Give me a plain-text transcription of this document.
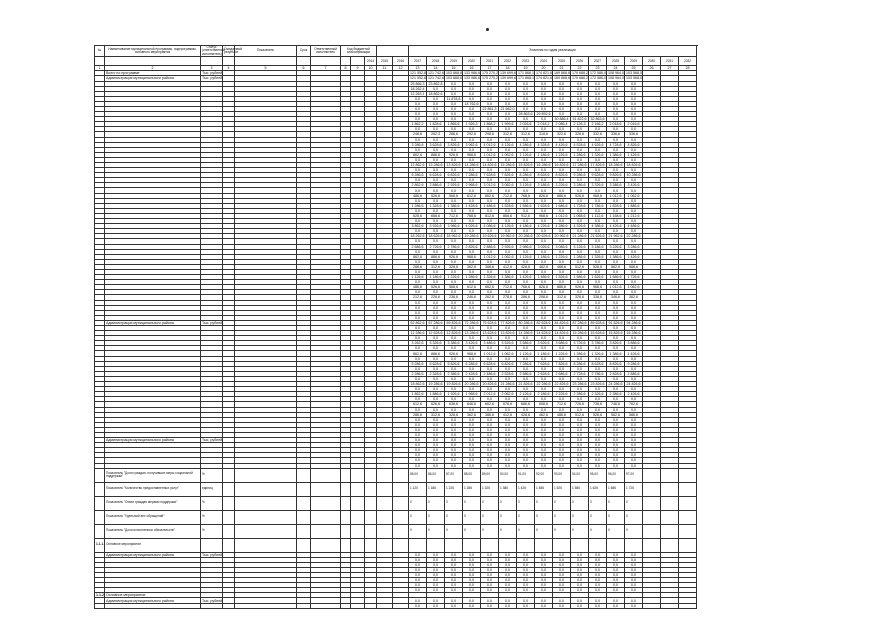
№	Наименование муниципальной программы, подпрограммы, основного мероприятия	Статус (ответственный исполнитель)	Ожидаемый результат	Показатель	Срок	Ответственный исполнитель	Код бюджетной классификации					Значения по годам реализации															
									2014	2015	2016	2017	2018	2019	2020	2021	2022	2023	2024	2025	2026	2027	2028	2029	2030	2031	2032
1	2	3	4	5	6	7	8	9	10	11	12	13	14	15	16	17	18	19	20	21	22	23	24	25	26	27	28
	Всего по программе	Тыс. рублей										121 552,8	121 742,6	103 868,6	133 986,6	175 270,2	139 699,6	171 868,1	174 821,6	169 868,6	179 688,2	172 586,0	108 964,0	103 568,0			
	Администрация муниципального района	Тыс. рублей										121 552,8	121 742,6	103 868,6	133 986,6	175 270,2	139 699,6	171 868,1	174 821,6	169 868,6	179 688,2	172 586,0	108 964,0	103 568,0			
												25 866,3	23 862,8	0,0	0,0	0,0	0,0	0,0	0,0	0,0	0,0	0,0	0,0	0,0			
												18 262,4	0,0	0,0	0,0	0,0	0,0	0,0	0,0	0,0	0,0	0,0	0,0	0,0			
												12 263,1	18 862,6	0,0	0,0	0,0	0,0	0,0	0,0	0,0	0,0	0,0	0,0	0,0			
												0,0	0,0	11 878,8	0,0	0,0	0,0	0,0	0,0	0,0	0,0	0,0	0,0	0,0			
												0,0	0,0	0,0	18 762,6	0,0	0,0	0,0	0,0	0,0	0,0	0,0	0,0	0,0			
												0,0	0,0	0,0	0,0	22 861,3	21 662,0	0,0	0,0	0,0	0,0	0,0	0,0	0,0			
												0,0	0,0	0,0	0,0	0,0	0,0	28 863,6	29 892,6	0,0	0,0	0,0	0,0	0,0			
												0,0	0,0	0,0	0,0	0,0	0,0	0,0	0,0	30 886,4	31 822,6	32 863,6	0,0	0,0			
												1 862,2	1 828,6	1 865,6	1 926,3	1 868,2	1 999,6	2 026,6	2 018,2	2 086,4	2 126,3	2 166,2	2 018,6	2 016,6			
												0,0	0,0	0,0	0,0	0,0	0,0	0,0	0,0	0,0	0,0	0,0	0,0	0,0			
												248,6	262,3	286,6	292,6	298,6	312,6	312,6	318,6	322,6	328,6	332,6	336,6	336,6			
												0,0	0,0	0,0	0,0	0,0	0,0	0,0	0,0	0,0	0,0	0,0	0,0	0,0			
												3 286,8	3 628,6	3 826,6	3 962,6	4 012,6	4 126,6	4 286,6	4 328,6	4 426,6	4 528,6	4 626,6	4 728,6	4 826,6			
												0,0	0,0	0,0	0,0	0,0	0,0	0,0	0,0	0,0	0,0	0,0	0,0	0,0			
												862,6	886,6	926,6	968,6	1 012,6	1 062,6	1 126,6	1 186,6	1 226,6	1 286,6	1 326,6	1 386,6	1 426,6			
												0,0	0,0	0,0	0,0	0,0	0,0	0,0	0,0	0,0	0,0	0,0	0,0	0,0			
												12 862,6	13 286,6	13 826,6	14 286,6	14 826,6	15 286,6	15 826,6	16 286,6	16 826,6	17 286,6	17 826,6	18 286,6	18 826,6			
												0,0	0,0	0,0	0,0	0,0	0,0	0,0	0,0	0,0	0,0	0,0	0,0	0,0			
												6 286,6	6 628,6	6 826,6	7 286,6	7 628,6	7 826,6	8 286,6	8 628,6	8 826,6	9 286,6	9 628,6	9 826,6	10 286,6			
												0,0	0,0	0,0	0,0	0,0	0,0	0,0	0,0	0,0	0,0	0,0	0,0	0,0			
												2 862,6	2 886,6	2 926,6	2 968,6	3 012,6	3 062,6	3 126,6	3 186,6	3 226,6	3 286,6	3 326,6	3 386,6	3 426,6			
												0,0	0,0	0,0	0,0	0,0	0,0	0,0	0,0	0,0	0,0	0,0	0,0	0,0			
												486,6	526,6	568,6	612,6	662,6	712,6	768,6	826,6	886,6	926,6	968,6	1 012,6	1 062,6			
												0,0	0,0	0,0	0,0	0,0	0,0	0,0	0,0	0,0	0,0	0,0	0,0	0,0			
												1 286,6	1 328,6	1 386,6	1 428,6	1 486,6	1 528,6	1 586,6	1 628,6	1 686,6	1 728,6	1 786,6	1 828,6	1 886,6			
												0,0	0,0	0,0	0,0	0,0	0,0	0,0	0,0	0,0	0,0	0,0	0,0	0,0			
												628,6	668,6	712,6	768,6	812,6	868,6	912,6	968,6	1 012,6	1 068,6	1 112,6	1 168,6	1 212,6			
												0,0	0,0	0,0	0,0	0,0	0,0	0,0	0,0	0,0	0,0	0,0	0,0	0,0			
												3 862,6	3 926,6	3 986,6	4 026,6	4 086,6	4 126,6	4 186,6	4 226,6	4 286,6	4 326,6	4 386,6	4 426,6	4 486,6			
												0,0	0,0	0,0	0,0	0,0	0,0	0,0	0,0	0,0	0,0	0,0	0,0	0,0			
												18 262,6	18 626,6	18 962,6	19 286,6	19 626,6	19 962,6	20 286,6	20 626,6	20 962,6	21 286,6	21 626,6	21 962,6	22 286,6			
												0,0	0,0	0,0	0,0	0,0	0,0	0,0	0,0	0,0	0,0	0,0	0,0	0,0			
												2 686,6	2 726,6	2 786,6	2 826,6	2 886,6	2 926,6	2 986,6	3 026,6	3 086,6	3 126,6	3 186,6	3 226,6	3 286,6			
												0,0	0,0	0,0	0,0	0,0	0,0	0,0	0,0	0,0	0,0	0,0	0,0	0,0			
												862,6	886,6	926,6	968,6	1 012,6	1 062,6	1 126,6	1 186,6	1 226,6	1 286,6	1 326,6	1 386,6	1 426,6			
												0,0	0,0	0,0	0,0	0,0	0,0	0,0	0,0	0,0	0,0	0,0	0,0	0,0			
												286,6	312,6	328,6	362,6	386,6	412,6	428,6	462,6	486,6	512,6	528,6	562,6	586,6			
												0,0	0,0	0,0	0,0	0,0	0,0	0,0	0,0	0,0	0,0	0,0	0,0	0,0			
												1 126,6	1 186,6	1 226,6	1 286,6	1 326,6	1 386,6	1 426,6	1 486,6	1 526,6	1 586,6	1 626,6	1 686,6	1 726,6			
												0,0	0,0	0,0	0,0	0,0	0,0	0,0	0,0	0,0	0,0	0,0	0,0	0,0			
												486,6	526,6	568,6	612,6	662,6	712,6	768,6	826,6	886,6	926,6	968,6	1 012,6	1 062,6			
												0,0	0,0	0,0	0,0	0,0	0,0	0,0	0,0	0,0	0,0	0,0	0,0	0,0			
												212,6	226,6	238,6	246,6	262,6	278,6	286,6	298,6	312,6	326,6	338,6	346,6	362,6			
												0,0	0,0	0,0	0,0	0,0	0,0	0,0	0,0	0,0	0,0	0,0	0,0	0,0			
												0,0	0,0	0,0	0,0	0,0	0,0	0,0	0,0	0,0	0,0	0,0	0,0	0,0			
												0,0	0,0	0,0	0,0	0,0	0,0	0,0	0,0	0,0	0,0	0,0	0,0	0,0			
												0,0	0,0	0,0	0,0	0,0	0,0	0,0	0,0	0,0	0,0	0,0	0,0	0,0			
	Администрация муниципального района	Тыс. рублей										62 862,6	67 286,6	69 826,6	72 286,6	75 628,6	77 826,6	80 286,6	82 628,6	84 826,6	87 286,6	89 628,6	91 826,6	94 286,6			
												0,0	0,0	0,0	0,0	0,0	0,0	0,0	0,0	0,0	0,0	0,0	0,0	0,0			
												12 286,6	12 628,6	12 826,6	13 286,6	13 628,6	13 826,6	14 286,6	14 628,6	14 826,6	15 286,6	15 628,6	15 826,6	16 286,6			
												0,0	0,0	0,0	0,0	0,0	0,0	0,0	0,0	0,0	0,0	0,0	0,0	0,0			
												3 262,6	3 326,6	3 386,6	3 426,6	3 486,6	3 526,6	3 586,6	3 626,6	3 686,6	3 726,6	3 786,6	3 826,6	3 886,6			
												0,0	0,0	0,0	0,0	0,0	0,0	0,0	0,0	0,0	0,0	0,0	0,0	0,0			
												862,6	886,6	926,6	968,6	1 012,6	1 062,6	1 126,6	1 186,6	1 226,6	1 286,6	1 326,6	1 386,6	1 426,6			
												0,0	0,0	0,0	0,0	0,0	0,0	0,0	0,0	0,0	0,0	0,0	0,0	0,0			
												5 286,6	5 628,6	5 826,6	6 286,6	6 628,6	6 826,6	7 286,6	7 628,6	7 826,6	8 286,6	8 628,6	8 826,6	9 286,6			
												0,0	0,0	0,0	0,0	0,0	0,0	0,0	0,0	0,0	0,0	0,0	0,0	0,0			
												2 286,6	2 328,6	2 386,6	2 428,6	2 486,6	2 528,6	2 586,6	2 628,6	2 686,6	2 728,6	2 786,6	2 828,6	2 886,6			
												0,0	0,0	0,0	0,0	0,0	0,0	0,0	0,0	0,0	0,0	0,0	0,0	0,0			
												18 862,6	19 286,6	19 826,6	20 286,6	20 826,6	21 286,6	21 826,6	22 286,6	22 826,6	23 286,6	23 826,6	24 286,6	24 826,6			
												0,0	0,0	0,0	0,0	0,0	0,0	0,0	0,0	0,0	0,0	0,0	0,0	0,0			
												1 862,6	1 886,6	1 926,6	1 968,6	2 012,6	2 062,6	2 126,6	2 186,6	2 226,6	2 286,6	2 326,6	2 386,6	2 426,6			
												0,0	0,0	0,0	0,0	0,0	0,0	0,0	0,0	0,0	0,0	0,0	0,0	0,0			
												612,6	626,6	638,6	646,6	662,6	678,6	686,6	698,6	712,6	726,6	738,6	746,6	762,6			
												0,0	0,0	0,0	0,0	0,0	0,0	0,0	0,0	0,0	0,0	0,0	0,0	0,0			
												286,6	312,6	328,6	362,6	386,6	412,6	428,6	462,6	486,6	512,6	528,6	562,6	586,6			
												0,0	0,0	0,0	0,0	0,0	0,0	0,0	0,0	0,0	0,0	0,0	0,0	0,0			
												0,0	0,0	0,0	0,0	0,0	0,0	0,0	0,0	0,0	0,0	0,0	0,0	0,0			
												0,0	0,0	0,0	0,0	0,0	0,0	0,0	0,0	0,0	0,0	0,0	0,0	0,0			
												0,0	0,0	0,0	0,0	0,0	0,0	0,0	0,0	0,0	0,0	0,0	0,0	0,0			
	Администрация муниципального района	Тыс. рублей										0,0	0,0	0,0	0,0	0,0	0,0	0,0	0,0	0,0	0,0	0,0	0,0	0,0			
												0,0	0,0	0,0	0,0	0,0	0,0	0,0	0,0	0,0	0,0	0,0	0,0	0,0			
												0,0	0,0	0,0	0,0	0,0	0,0	0,0	0,0	0,0	0,0	0,0	0,0	0,0			
												0,0	0,0	0,0	0,0	0,0	0,0	0,0	0,0	0,0	0,0	0,0	0,0	0,0			
												0,0	0,0	0,0	0,0	0,0	0,0	0,0	0,0	0,0	0,0	0,0	0,0	0,0			
												0,0	0,0	0,0	0,0	0,0	0,0	0,0	0,0	0,0	0,0	0,0	0,0	0,0			
	Показатель "Доля граждан, получивших меры социальной поддержки"	%										85,00	86,00	87,00	88,00	89,00	90,00	91,00	92,00	93,00	94,00	95,00	96,00	97,00			
	Показатель "Количество предоставленных услуг"	единиц										1 120	1 186	1 226	1 286	1 326	1 386	1 426	1 486	1 526	1 586	1 626	1 686	1 726			
	Показатель "Охват граждан мерами поддержки"	%										0	0	0	0	0	0	0	0	0	0	0	0	0			
	Показатель "Удельный вес обращений"	%										0	0	0	0	0	0	0	0	0	0	0	0	0			
	Показатель "Доля исполненных обязательств"	%										0	0	0	0	0	0	0	0	0	0	0	0	0			
1.1.1.	Основное мероприятие																										
	Администрация муниципального района	Тыс. рублей										0,0	0,0	0,0	0,0	0,0	0,0	0,0	0,0	0,0	0,0	0,0	0,0	0,0			
												0,0	0,0	0,0	0,0	0,0	0,0	0,0	0,0	0,0	0,0	0,0	0,0	0,0			
												0,0	0,0	0,0	0,0	0,0	0,0	0,0	0,0	0,0	0,0	0,0	0,0	0,0			
												0,0	0,0	0,0	0,0	0,0	0,0	0,0	0,0	0,0	0,0	0,0	0,0	0,0			
												0,0	0,0	0,0	0,0	0,0	0,0	0,0	0,0	0,0	0,0	0,0	0,0	0,0			
												0,0	0,0	0,0	0,0	0,0	0,0	0,0	0,0	0,0	0,0	0,0	0,0	0,0			
												0,0	0,0	0,0	0,0	0,0	0,0	0,0	0,0	0,0	0,0	0,0	0,0	0,0			
												0,0	0,0	0,0	0,0	0,0	0,0	0,0	0,0	0,0	0,0	0,0	0,0	0,0			
1.1.2.	Основное мероприятие																										
	Администрация муниципального района	Тыс. рублей										0,0	0,0	0,0	0,0	0,0	0,0	0,0	0,0	0,0	0,0	0,0	0,0	0,0			
												0,0	0,0	0,0	0,0	0,0	0,0	0,0	0,0	0,0	0,0	0,0	0,0	0,0			
